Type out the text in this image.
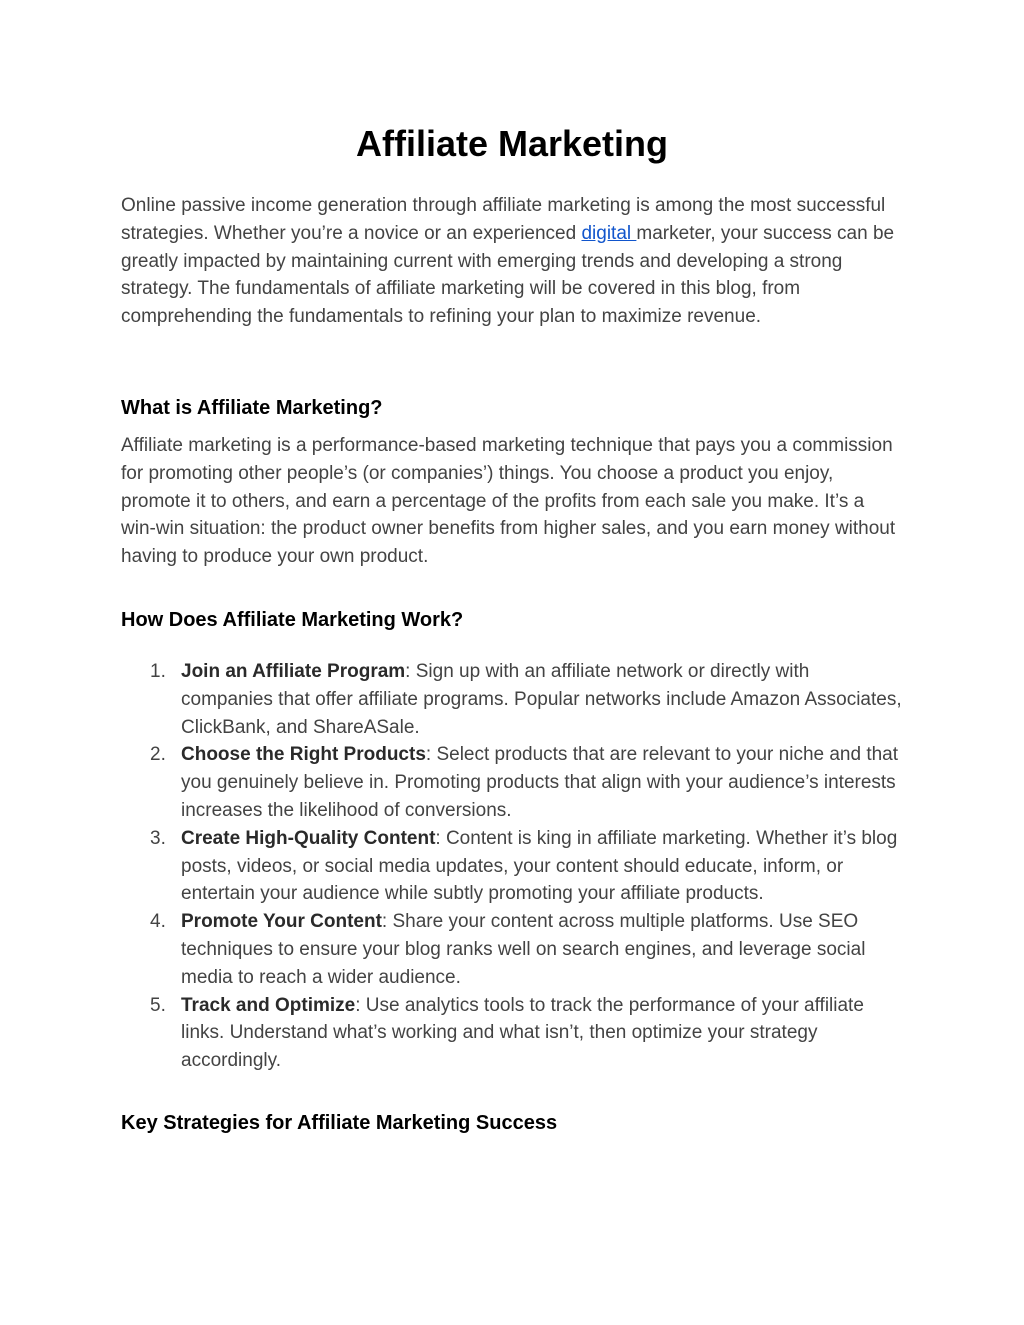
Affiliate Marketing

Online passive income generation through affiliate marketing is among the most successful strategies. Whether you’re a novice or an experienced digital marketer, your success can be greatly impacted by maintaining current with emerging trends and developing a strong strategy. The fundamentals of affiliate marketing will be covered in this blog, from comprehending the fundamentals to refining your plan to maximize revenue.

What is Affiliate Marketing?

Affiliate marketing is a performance-based marketing technique that pays you a commission for promoting other people’s (or companies’) things. You choose a product you enjoy, promote it to others, and earn a percentage of the profits from each sale you make. It’s a win-win situation: the product owner benefits from higher sales, and you earn money without having to produce your own product.

How Does Affiliate Marketing Work?
1. Join an Affiliate Program: Sign up with an affiliate network or directly with companies that offer affiliate programs. Popular networks include Amazon Associates, ClickBank, and ShareASale.
2. Choose the Right Products: Select products that are relevant to your niche and that you genuinely believe in. Promoting products that align with your audience’s interests increases the likelihood of conversions.
3. Create High-Quality Content: Content is king in affiliate marketing. Whether it’s blog posts, videos, or social media updates, your content should educate, inform, or entertain your audience while subtly promoting your affiliate products.
4. Promote Your Content: Share your content across multiple platforms. Use SEO techniques to ensure your blog ranks well on search engines, and leverage social media to reach a wider audience.
5. Track and Optimize: Use analytics tools to track the performance of your affiliate links. Understand what’s working and what isn’t, then optimize your strategy accordingly.
Key Strategies for Affiliate Marketing Success
